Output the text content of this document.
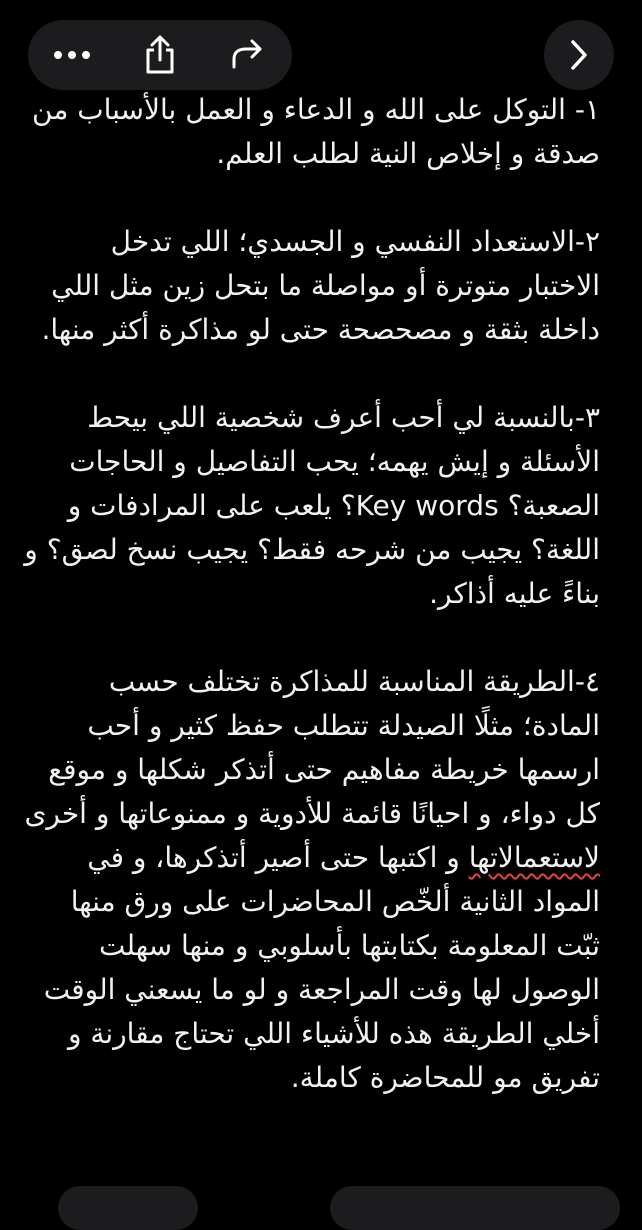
١- التوكل على الله و الدعاء و العمل بالأسباب من صدقة و إخلاص النية لطلب العلم.

٢-الاستعداد النفسي و الجسدي؛ اللي تدخل الاختبار متوترة أو مواصلة ما بتحل زين مثل اللي داخلة بثقة و مصحصحة حتى لو مذاكرة أكثر منها.

٣-بالنسبة لي أحب أعرف شخصية اللي بيحط الأسئلة و إيش يهمه؛ يحب التفاصيل و الحاجات الصعبة؟ Key words؟ يلعب على المرادفات و اللغة؟ يجيب من شرحه فقط؟ يجيب نسخ لصق؟ و بناءً عليه أذاكر.

٤-الطريقة المناسبة للمذاكرة تختلف حسب المادة؛ مثلًا الصيدلة تتطلب حفظ كثير و أحب ارسمها خريطة مفاهيم حتى أتذكر شكلها و موقع كل دواء، و احيانًا قائمة للأدوية و ممنوعاتها و أخرى لاستعمالاتها و اكتبها حتى أصير أتذكرها، و في المواد الثانية ألخّص المحاضرات على ورق منها ثبّت المعلومة بكتابتها بأسلوبي و منها سهلت الوصول لها وقت المراجعة و لو ما يسعني الوقت أخلي الطريقة هذه للأشياء اللي تحتاج مقارنة و تفريق مو للمحاضرة كاملة.
